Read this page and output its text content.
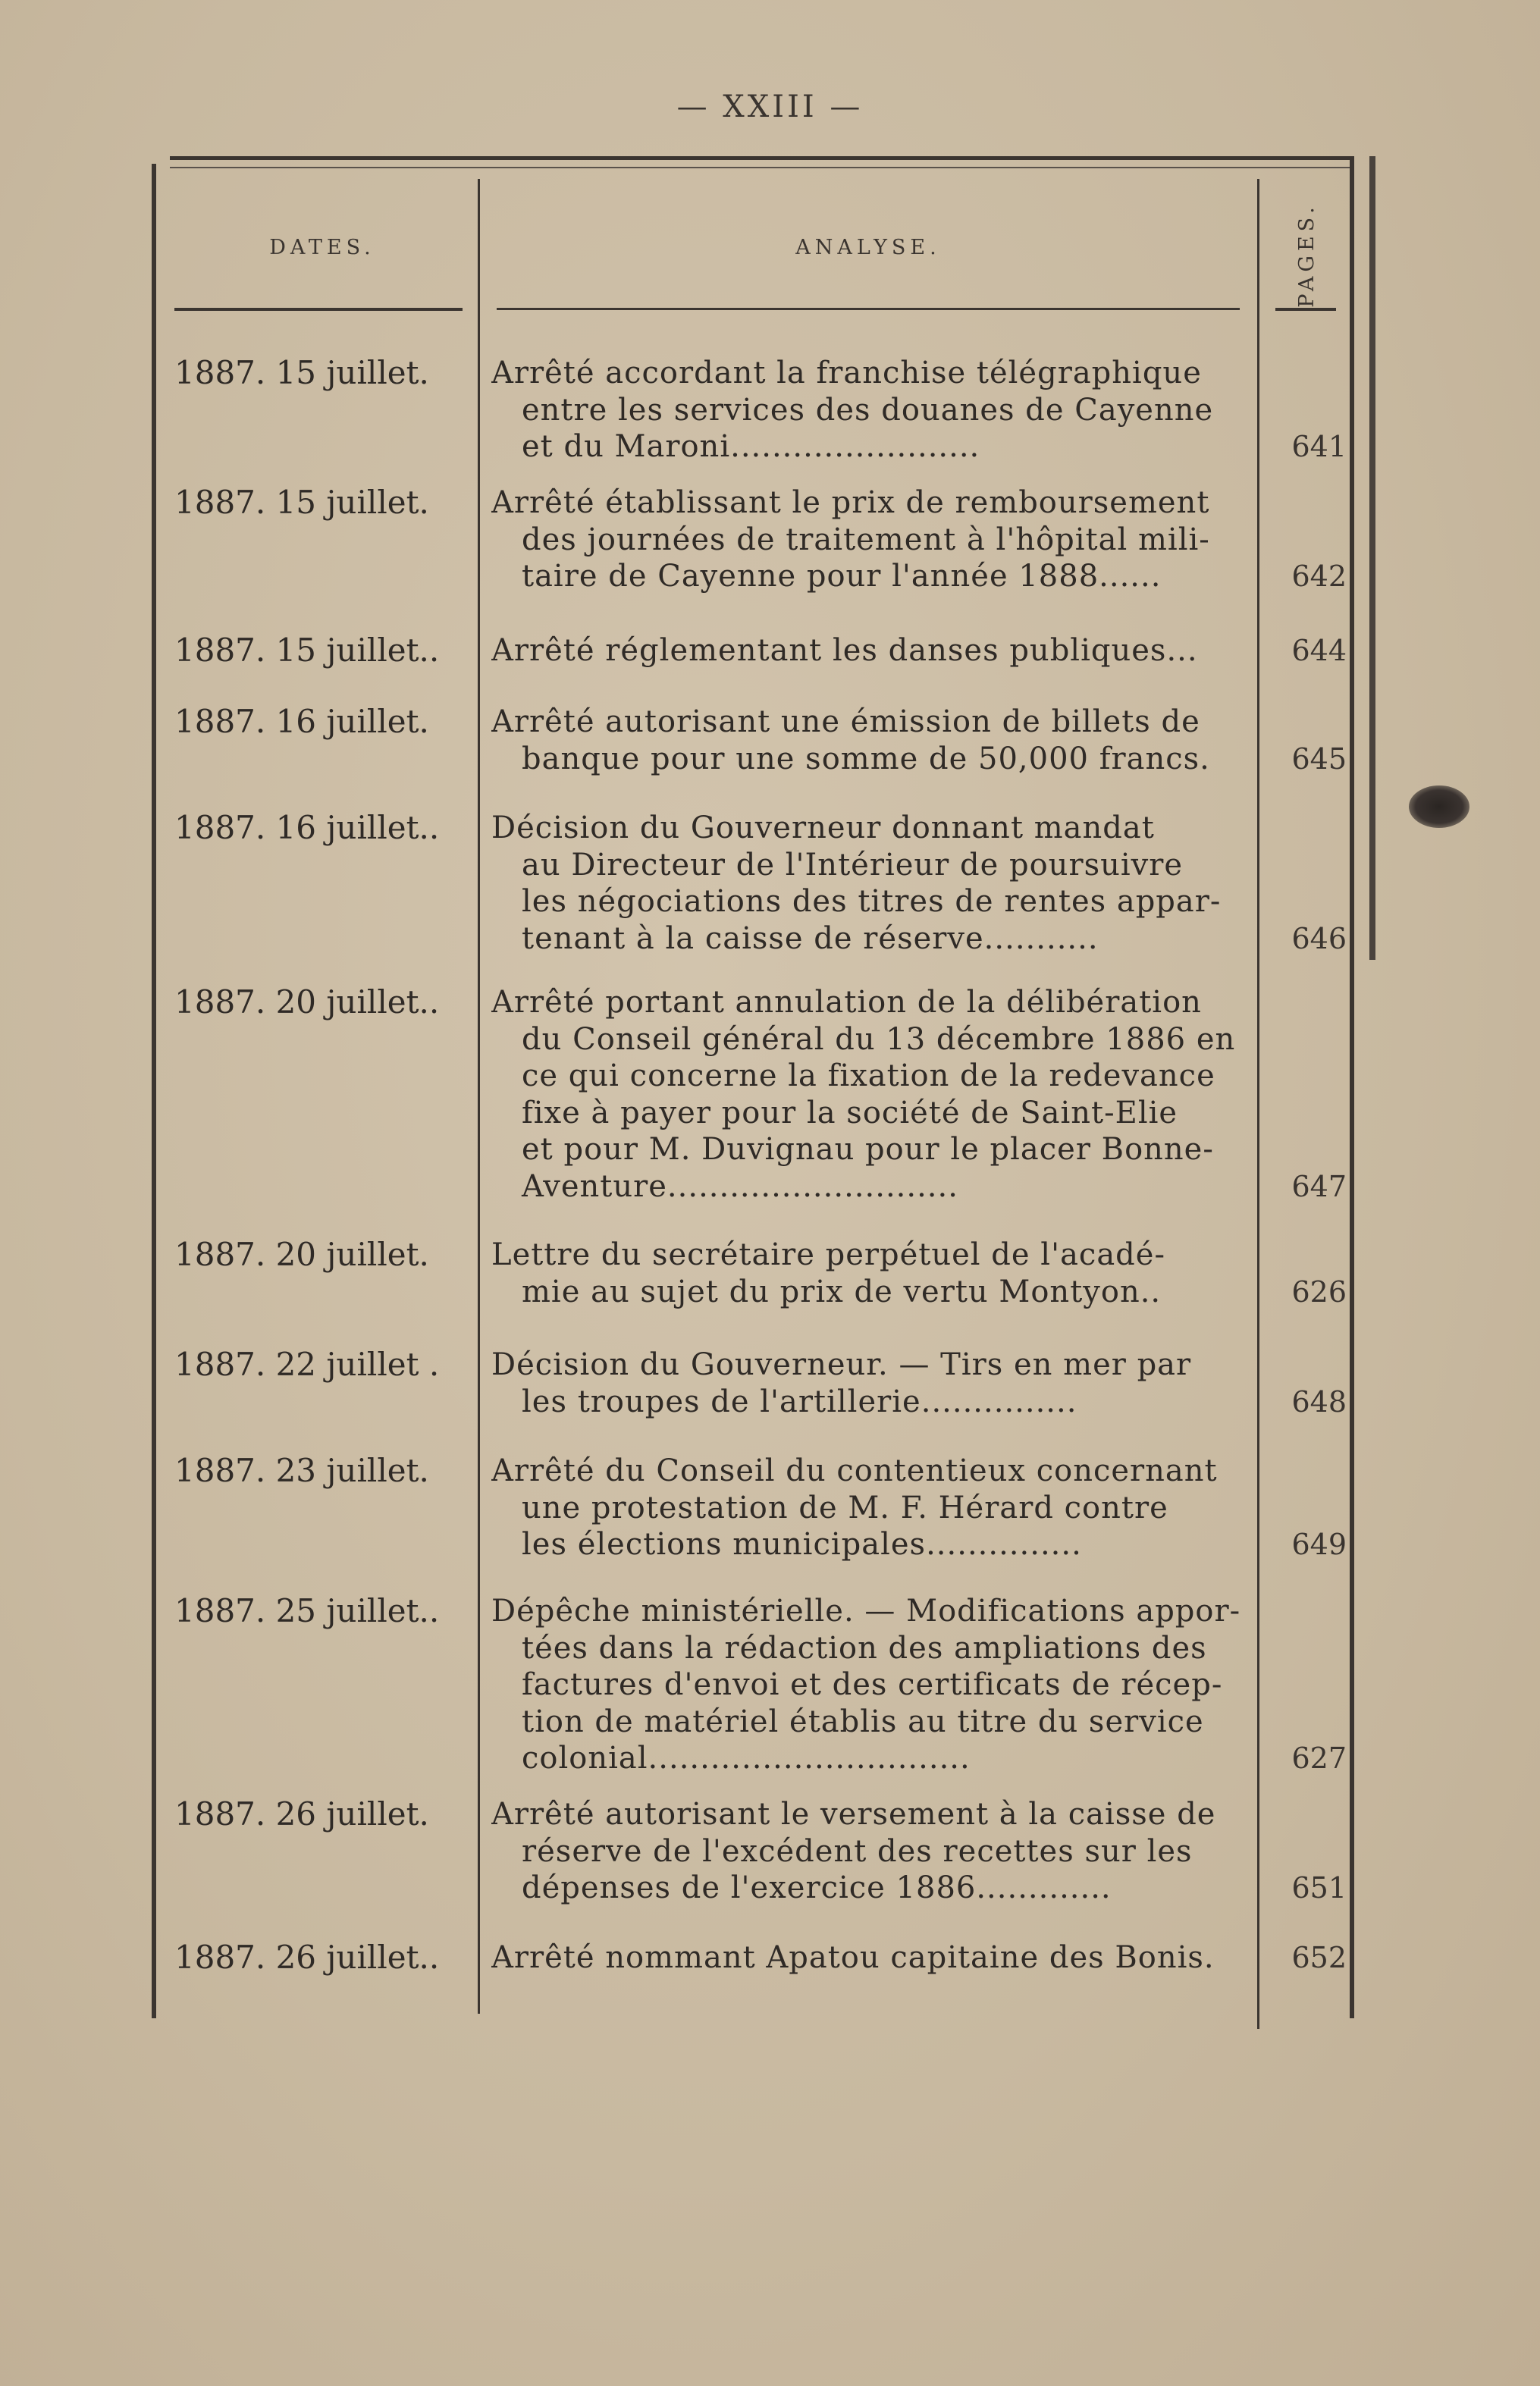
— XXIII —
DATES.	ANALYSE.	PAGES.
1887. 15 juillet.	Arrêté accordant la franchise télégraphique
entre les services des douanes de Cayenne
et du Maroni........................	641
1887. 15 juillet.	Arrêté établissant le prix de remboursement
des journées de traitement à l'hôpital mili-
taire de Cayenne pour l'année 1888......	642
1887. 15 juillet..	Arrêté réglementant les danses publiques...	644
1887. 16 juillet.	Arrêté autorisant une émission de billets de
banque pour une somme de 50,000 francs.	645
1887. 16 juillet..	Décision du Gouverneur donnant mandat
au Directeur de l'Intérieur de poursuivre
les négociations des titres de rentes appar-
tenant à la caisse de réserve...........	646
1887. 20 juillet..	Arrêté portant annulation de la délibération
du Conseil général du 13 décembre 1886 en
ce qui concerne la fixation de la redevance
fixe à payer pour la société de Saint-Elie
et pour M. Duvignau pour le placer Bonne-
Aventure............................	647
1887. 20 juillet.	Lettre du secrétaire perpétuel de l'acadé-
mie au sujet du prix de vertu Montyon..	626
1887. 22 juillet .	Décision du Gouverneur. — Tirs en mer par
les troupes de l'artillerie...............	648
1887. 23 juillet.	Arrêté du Conseil du contentieux concernant
une protestation de M. F. Hérard contre
les élections municipales...............	649
1887. 25 juillet..	Dépêche ministérielle. — Modifications appor-
tées dans la rédaction des ampliations des
factures d'envoi et des certificats de récep-
tion de matériel établis au titre du service
colonial...............................	627
1887. 26 juillet.	Arrêté autorisant le versement à la caisse de
réserve de l'excédent des recettes sur les
dépenses de l'exercice 1886.............	651
1887. 26 juillet..	Arrêté nommant Apatou capitaine des Bonis.	652
